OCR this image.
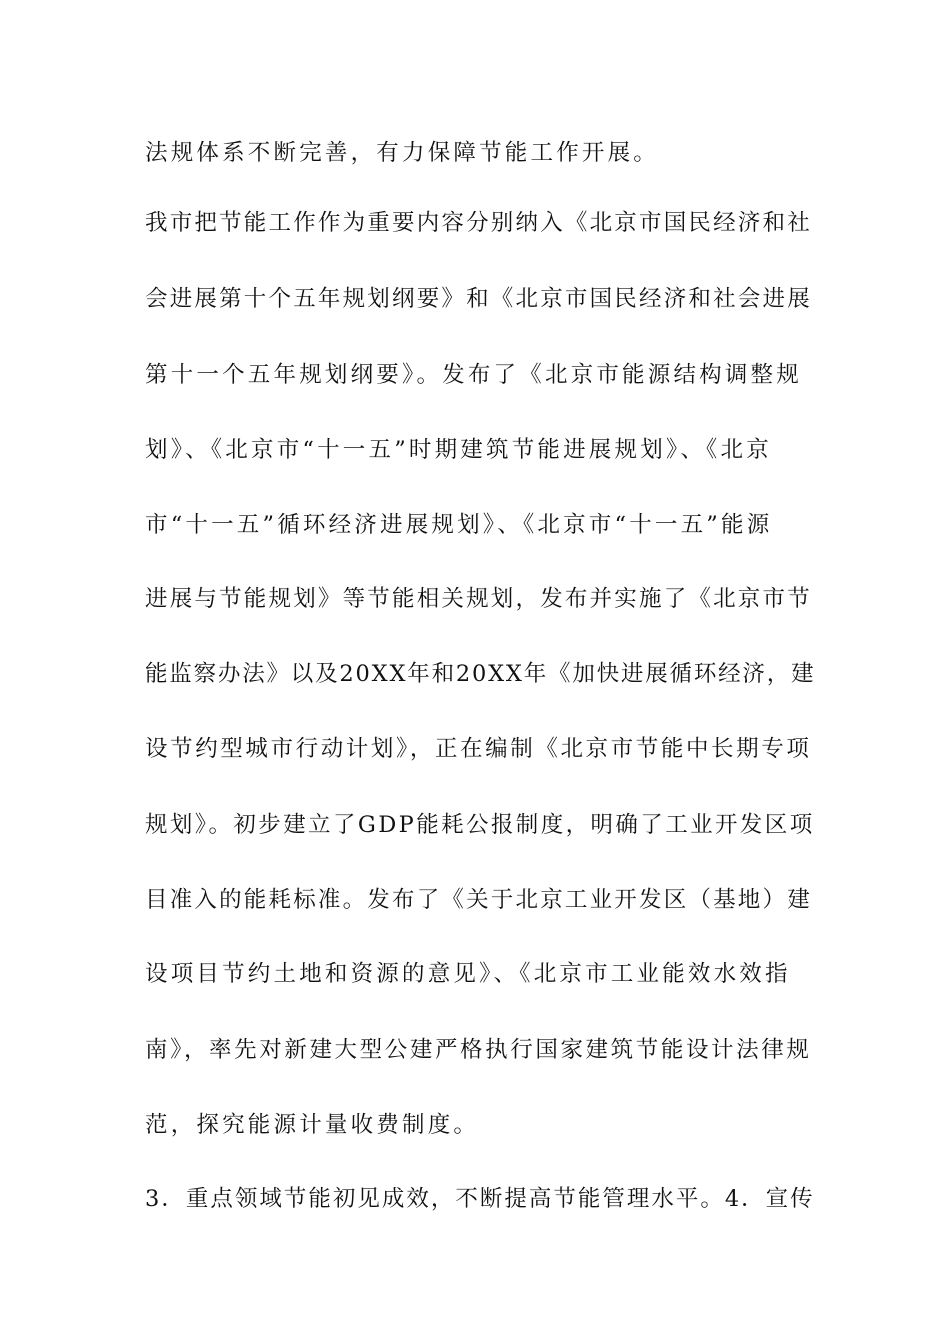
法规体系不断完善，有力保障节能工作开展。
我市把节能工作作为重要内容分别纳入《北京市国民经济和社
会进展第十个五年规划纲要》和《北京市国民经济和社会进展
第十一个五年规划纲要》。发布了《北京市能源结构调整规
划》、《北京市“十一五”时期建筑节能进展规划》、《北京
市“十一五”循环经济进展规划》、《北京市“十一五”能源
进展与节能规划》等节能相关规划，发布并实施了《北京市节
能监察办法》以及20XX年和20XX年《加快进展循环经济，建
设节约型城市行动计划》，正在编制《北京市节能中长期专项
规划》。初步建立了GDP能耗公报制度，明确了工业开发区项
目准入的能耗标准。发布了《关于北京工业开发区（基地）建
设项目节约土地和资源的意见》、《北京市工业能效水效指
南》，率先对新建大型公建严格执行国家建筑节能设计法律规
范，探究能源计量收费制度。
3．重点领域节能初见成效，不断提高节能管理水平。4．宣传
